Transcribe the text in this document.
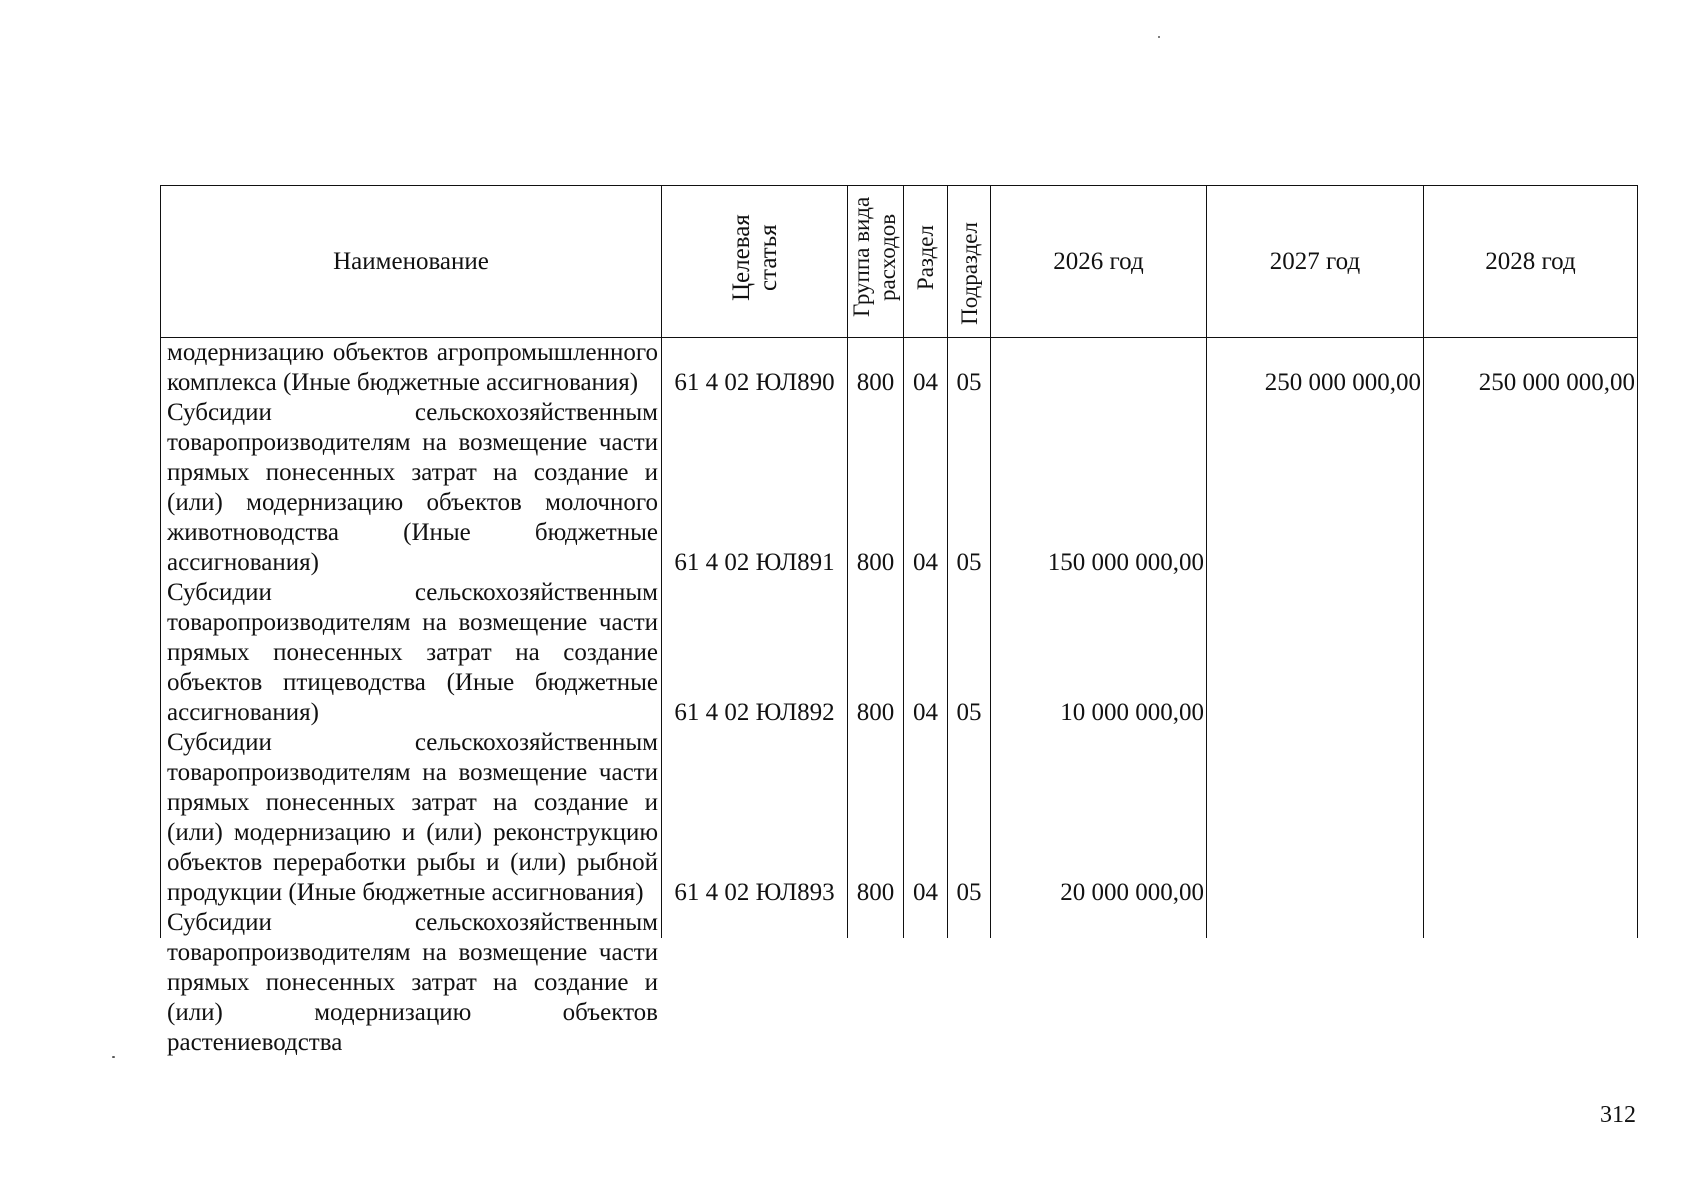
Наименование	Целевая статья	Группа вида расходов	Раздел	Подраздел	2026 год	2027 год	2028 год
модернизацию объектов агропромышленного комплекса (Иные бюджетные ассигнования)	61 4 02 ЮЛ890	800	04	05		250 000 000,00	250 000 000,00
Субсидии сельскохозяйственным товаропроизводителям на возмещение части прямых понесенных затрат на создание и (или) модернизацию объектов молочного животноводства (Иные бюджетные ассигнования)	61 4 02 ЮЛ891	800	04	05	150 000 000,00		
Субсидии сельскохозяйственным товаропроизводителям на возмещение части прямых понесенных затрат на создание объектов птицеводства (Иные бюджетные ассигнования)	61 4 02 ЮЛ892	800	04	05	10 000 000,00		
Субсидии сельскохозяйственным товаропроизводителям на возмещение части прямых понесенных затрат на создание и (или) модернизацию и (или) реконструкцию объектов переработки рыбы и (или) рыбной продукции (Иные бюджетные ассигнования)	61 4 02 ЮЛ893	800	04	05	20 000 000,00		

Субсидии сельскохозяйственным товаропроизводителям на возмещение части прямых понесенных затрат на создание и (или) модернизацию объектов растениеводства							

312
